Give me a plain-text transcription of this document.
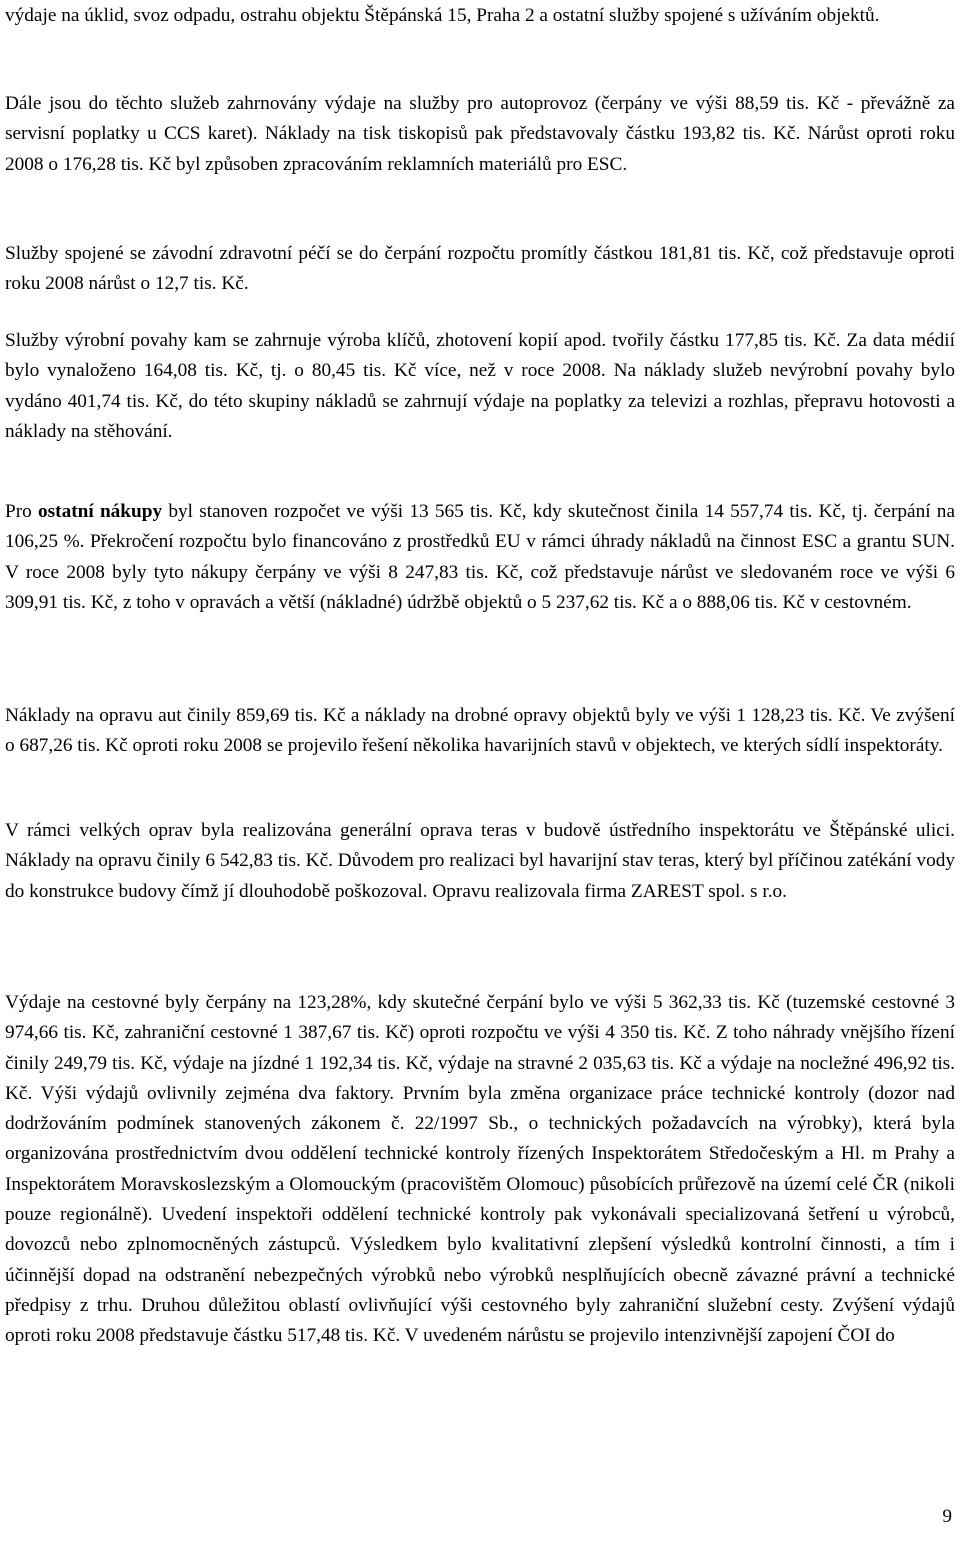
výdaje na úklid, svoz odpadu, ostrahu objektu Štěpánská 15, Praha 2 a ostatní služby spojené s užíváním objektů.

Dále jsou do těchto služeb zahrnovány výdaje na služby pro autoprovoz (čerpány ve výši 88,59 tis. Kč - převážně za servisní poplatky u CCS karet). Náklady na tisk tiskopisů pak představovaly částku 193,82 tis. Kč. Nárůst oproti roku 2008 o 176,28 tis. Kč byl způsoben zpracováním reklamních materiálů pro ESC.

Služby spojené se závodní zdravotní péčí se do čerpání rozpočtu promítly částkou 181,81 tis. Kč, což představuje oproti roku 2008 nárůst o 12,7 tis. Kč.

Služby výrobní povahy kam se zahrnuje výroba klíčů, zhotovení kopií apod. tvořily částku 177,85 tis. Kč. Za data médií bylo vynaloženo 164,08 tis. Kč, tj. o 80,45 tis. Kč více, než v roce 2008. Na náklady služeb nevýrobní povahy bylo vydáno 401,74 tis. Kč, do této skupiny nákladů se zahrnují výdaje na poplatky za televizi a rozhlas, přepravu hotovosti a náklady na stěhování.

Pro ostatní nákupy byl stanoven rozpočet ve výši 13 565 tis. Kč, kdy skutečnost činila 14 557,74 tis. Kč, tj. čerpání na 106,25 %. Překročení rozpočtu bylo financováno z prostředků EU v rámci úhrady nákladů na činnost ESC a grantu SUN. V roce 2008 byly tyto nákupy čerpány ve výši 8 247,83 tis. Kč, což představuje nárůst ve sledovaném roce ve výši 6 309,91 tis. Kč, z toho v opravách a větší (nákladné) údržbě objektů o 5 237,62 tis. Kč a o 888,06 tis. Kč v cestovném.

Náklady na opravu aut činily 859,69 tis. Kč a náklady na drobné opravy objektů byly ve výši 1 128,23 tis. Kč. Ve zvýšení o 687,26 tis. Kč oproti roku 2008 se projevilo řešení několika havarijních stavů v objektech, ve kterých sídlí inspektoráty.

V rámci velkých oprav byla realizována generální oprava teras v budově ústředního inspektorátu ve Štěpánské ulici. Náklady na opravu činily 6 542,83 tis. Kč. Důvodem pro realizaci byl havarijní stav teras, který byl příčinou zatékání vody do konstrukce budovy čímž jí dlouhodobě poškozoval. Opravu realizovala firma ZAREST spol. s r.o.

Výdaje na cestovné byly čerpány na 123,28%, kdy skutečné čerpání bylo ve výši 5 362,33 tis. Kč (tuzemské cestovné 3 974,66 tis. Kč, zahraniční cestovné 1 387,67 tis. Kč) oproti rozpočtu ve výši 4 350 tis. Kč. Z toho náhrady vnějšího řízení činily 249,79 tis. Kč, výdaje na jízdné 1 192,34 tis. Kč, výdaje na stravné 2 035,63 tis. Kč a výdaje na nocležné 496,92 tis. Kč. Výši výdajů ovlivnily zejména dva faktory. Prvním byla změna organizace práce technické kontroly (dozor nad dodržováním podmínek stanovených zákonem č. 22/1997 Sb., o technických požadavcích na výrobky), která byla organizována prostřednictvím dvou oddělení technické kontroly řízených Inspektorátem Středočeským a Hl. m Prahy a Inspektorátem Moravskoslezským a Olomouckým (pracovištěm Olomouc) působících průřezově na území celé ČR (nikoli pouze regionálně). Uvedení inspektoři oddělení technické kontroly pak vykonávali specializovaná šetření u výrobců, dovozců nebo zplnomocněných zástupců. Výsledkem bylo kvalitativní zlepšení výsledků kontrolní činnosti, a tím i účinnější dopad na odstranění nebezpečných výrobků nebo výrobků nesplňujících obecně závazné právní a technické předpisy z trhu. Druhou důležitou oblastí ovlivňující výši cestovného byly zahraniční služební cesty. Zvýšení výdajů oproti roku 2008 představuje částku 517,48 tis. Kč. V uvedeném nárůstu se projevilo intenzivnější zapojení ČOI do

9
